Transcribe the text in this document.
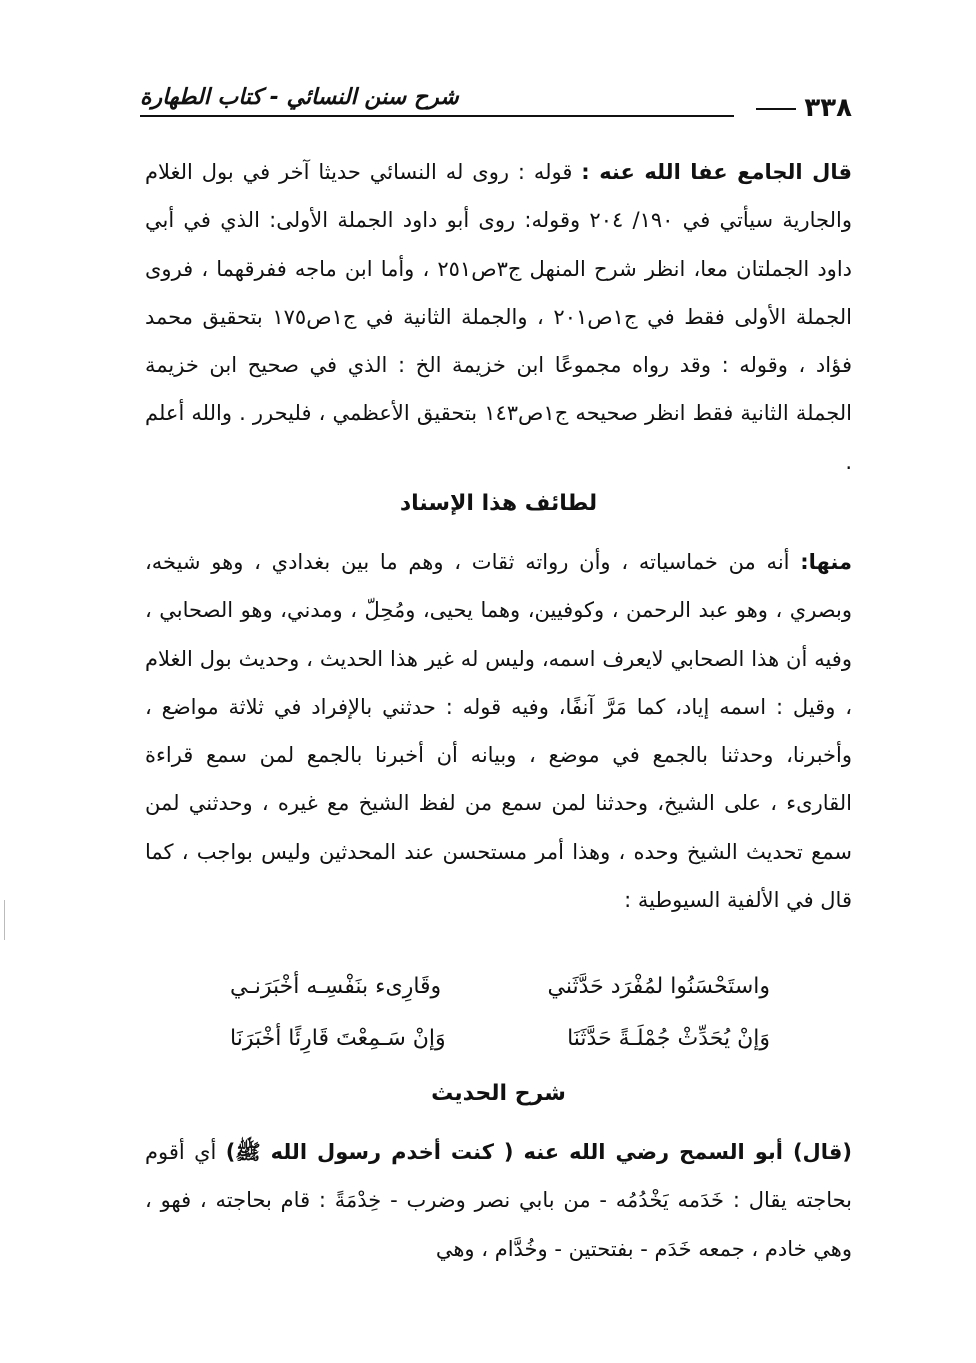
شرح سنن النسائي - كتاب الطهارة	٣٣٨

قال الجامع عفا الله عنه : قوله : روى له النسائي حديثا آخر في بول الغلام والجارية سيأتي في ١٩٠/ ٢٠٤ وقوله: روى أبو داود الجملة الأولى: الذي في أبي داود الجملتان معا، انظر شرح المنهل ج٣ص٢٥١ ، وأما ابن ماجه ففرقهما ، فروى الجملة الأولى فقط في ج١ص٢٠١ ، والجملة الثانية في ج١ص١٧٥ بتحقيق محمد فؤاد ، وقوله : وقد رواه مجموعًا ابن خزيمة الخ : الذي في صحيح ابن خزيمة الجملة الثانية فقط انظر صحيحه ج١ص١٤٣ بتحقيق الأعظمي ، فليحرر . والله أعلم .

لطائف هذا الإسناد

منها: أنه من خماسياته ، وأن رواته ثقات ، وهم ما بين بغدادي ، وهو شيخه، وبصري ، وهو عبد الرحمن ، وكوفيين، وهما يحيى، ومُحِلّ ، ومدني، وهو الصحابي ، وفيه أن هذا الصحابي لايعرف اسمه، وليس له غير هذا الحديث ، وحديث بول الغلام ، وقيل : اسمه إياد، كما مَرَّ آنفًا، وفيه قوله : حدثني بالإفراد في ثلاثة مواضع ، وأخبرنا، وحدثنا بالجمع في موضع ، وبيانه أن أخبرنا بالجمع لمن سمع قراءة القارىء ، على الشيخ، وحدثنا لمن سمع من لفظ الشيخ مع غيره ، وحدثني لمن سمع تحديث الشيخ وحده ، وهذا أمر مستحسن عند المحدثين وليس بواجب ، كما قال في الألفية السيوطية :

واستَحْسَنُوا لمُفْرَد حَدَّثَني
وقَارِىء بنَفْسِـه أخْبَرَنـي
وَإنْ يُحَدِّثْ جُمْلَـةً حَدَّثَنَا
وَإنْ سَـمِعْتَ قَارِئًا أخْبَرَنَا
شرح الحديث

(قال) أبو السمح رضي الله عنه ( كنت أخدم رسول الله ﷺ) أي أقوم بحاجته يقال : خَدَمه يَخْدُمُه - من بابي نصر وضرب - خِدْمَةً : قام بحاجته ، فهو ، وهي خادم ، جمعه خَدَم - بفتحتين - وخُدَّام ، وهي
